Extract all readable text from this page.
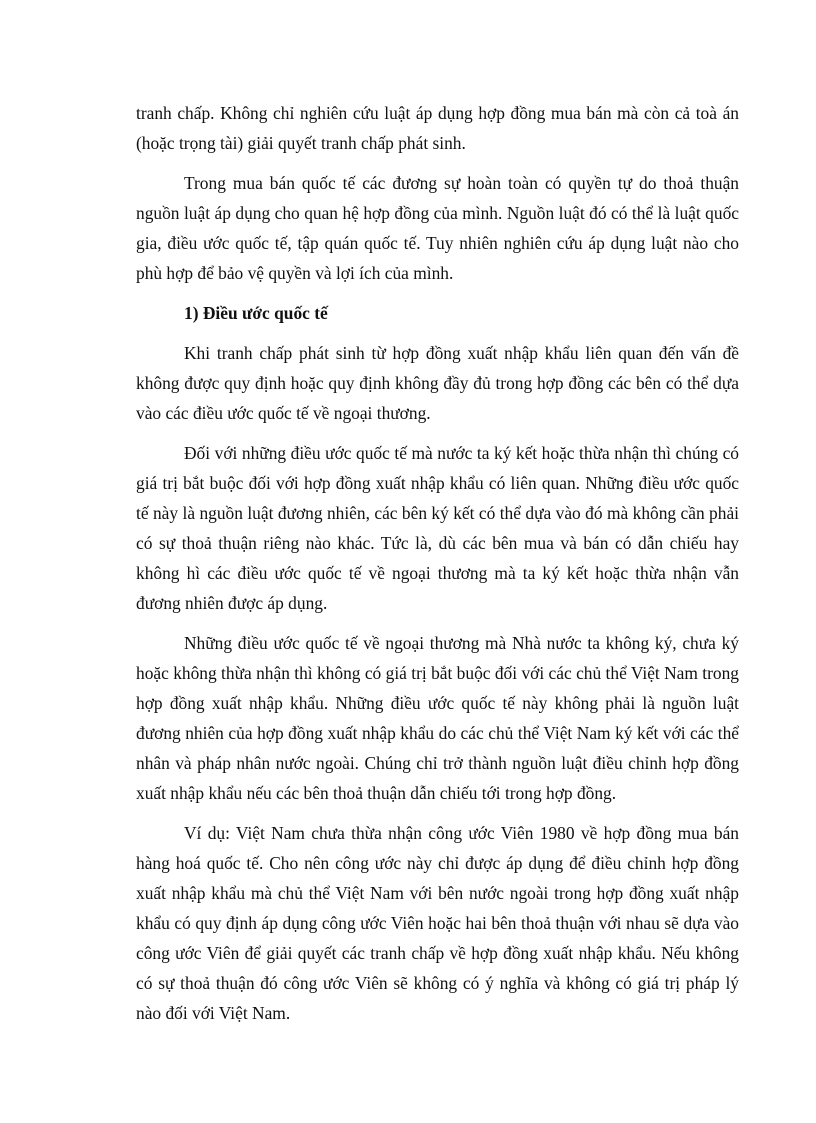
tranh chấp. Không chỉ nghiên cứu luật áp dụng hợp đồng mua bán mà còn cả toà án (hoặc trọng tài) giải quyết tranh chấp phát sinh.

Trong mua bán quốc tế các đương sự hoàn toàn có quyền tự do thoả thuận nguồn luật áp dụng cho quan hệ hợp đồng của mình. Nguồn luật đó có thể là luật quốc gia, điều ước quốc tế, tập quán quốc tế. Tuy nhiên nghiên cứu áp dụng luật nào cho phù hợp để bảo vệ quyền và lợi ích của mình.

1) Điều ước quốc tế

Khi tranh chấp phát sinh từ hợp đồng xuất nhập khẩu liên quan đến vấn đề không được quy định hoặc quy định không đầy đủ trong hợp đồng các bên có thể dựa vào các điều ước quốc tế về ngoại thương.

Đối với những điều ước quốc tế mà nước ta ký kết hoặc thừa nhận thì chúng có giá trị bắt buộc đối với hợp đồng xuất nhập khẩu có liên quan. Những điều ước quốc tế này là nguồn luật đương nhiên, các bên ký kết có thể dựa vào đó mà không cần phải có sự thoả thuận riêng nào khác. Tức là, dù các bên mua và bán có dẫn chiếu hay không hì các điều ước quốc tế về ngoại thương mà ta ký kết hoặc thừa nhận vẫn đương nhiên được áp dụng.

Những điều ước quốc tế về ngoại thương mà Nhà nước ta không ký, chưa ký hoặc không thừa nhận thì không có giá trị bắt buộc đối với các chủ thể Việt Nam trong hợp đồng xuất nhập khẩu. Những điều ước quốc tế này không phải là nguồn luật đương nhiên của hợp đồng xuất nhập khẩu do các chủ thể Việt Nam ký kết với các thể nhân và pháp nhân nước ngoài. Chúng chỉ trở thành nguồn luật điều chỉnh hợp đồng xuất nhập khẩu nếu các bên thoả thuận dẫn chiếu tới trong hợp đồng.

Ví dụ: Việt Nam chưa thừa nhận công ước Viên 1980 về hợp đồng mua bán hàng hoá quốc tế. Cho nên công ước này chỉ được áp dụng để điều chỉnh hợp đồng xuất nhập khẩu mà chủ thể Việt Nam với bên nước ngoài trong hợp đồng xuất nhập khẩu có quy định áp dụng công ước Viên hoặc hai bên thoả thuận với nhau sẽ dựa vào công ước Viên để giải quyết các tranh chấp về hợp đồng xuất nhập khẩu. Nếu không có sự thoả thuận đó công ước Viên sẽ không có ý nghĩa và không có giá trị pháp lý nào đối với Việt Nam.
